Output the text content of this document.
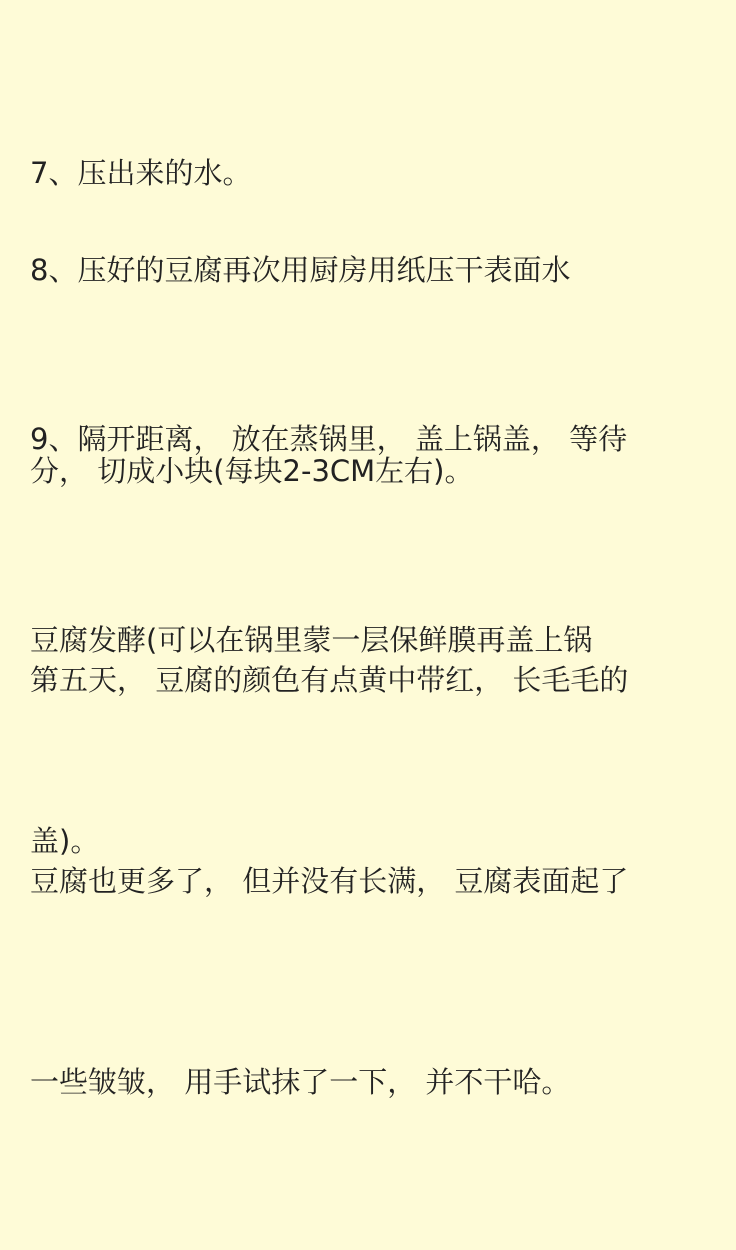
7、压出来的水。

8、压好的豆腐再次用厨房用纸压干表面水

分， 切成小块(每块2-3CM左右)。

9、隔开距离， 放在蒸锅里， 盖上锅盖， 等待

豆腐发酵(可以在锅里蒙一层保鲜膜再盖上锅

盖)。

第五天， 豆腐的颜色有点黄中带红， 长毛毛的

豆腐也更多了， 但并没有长满， 豆腐表面起了

一些皱皱， 用手试抹了一下， 并不干哈。
